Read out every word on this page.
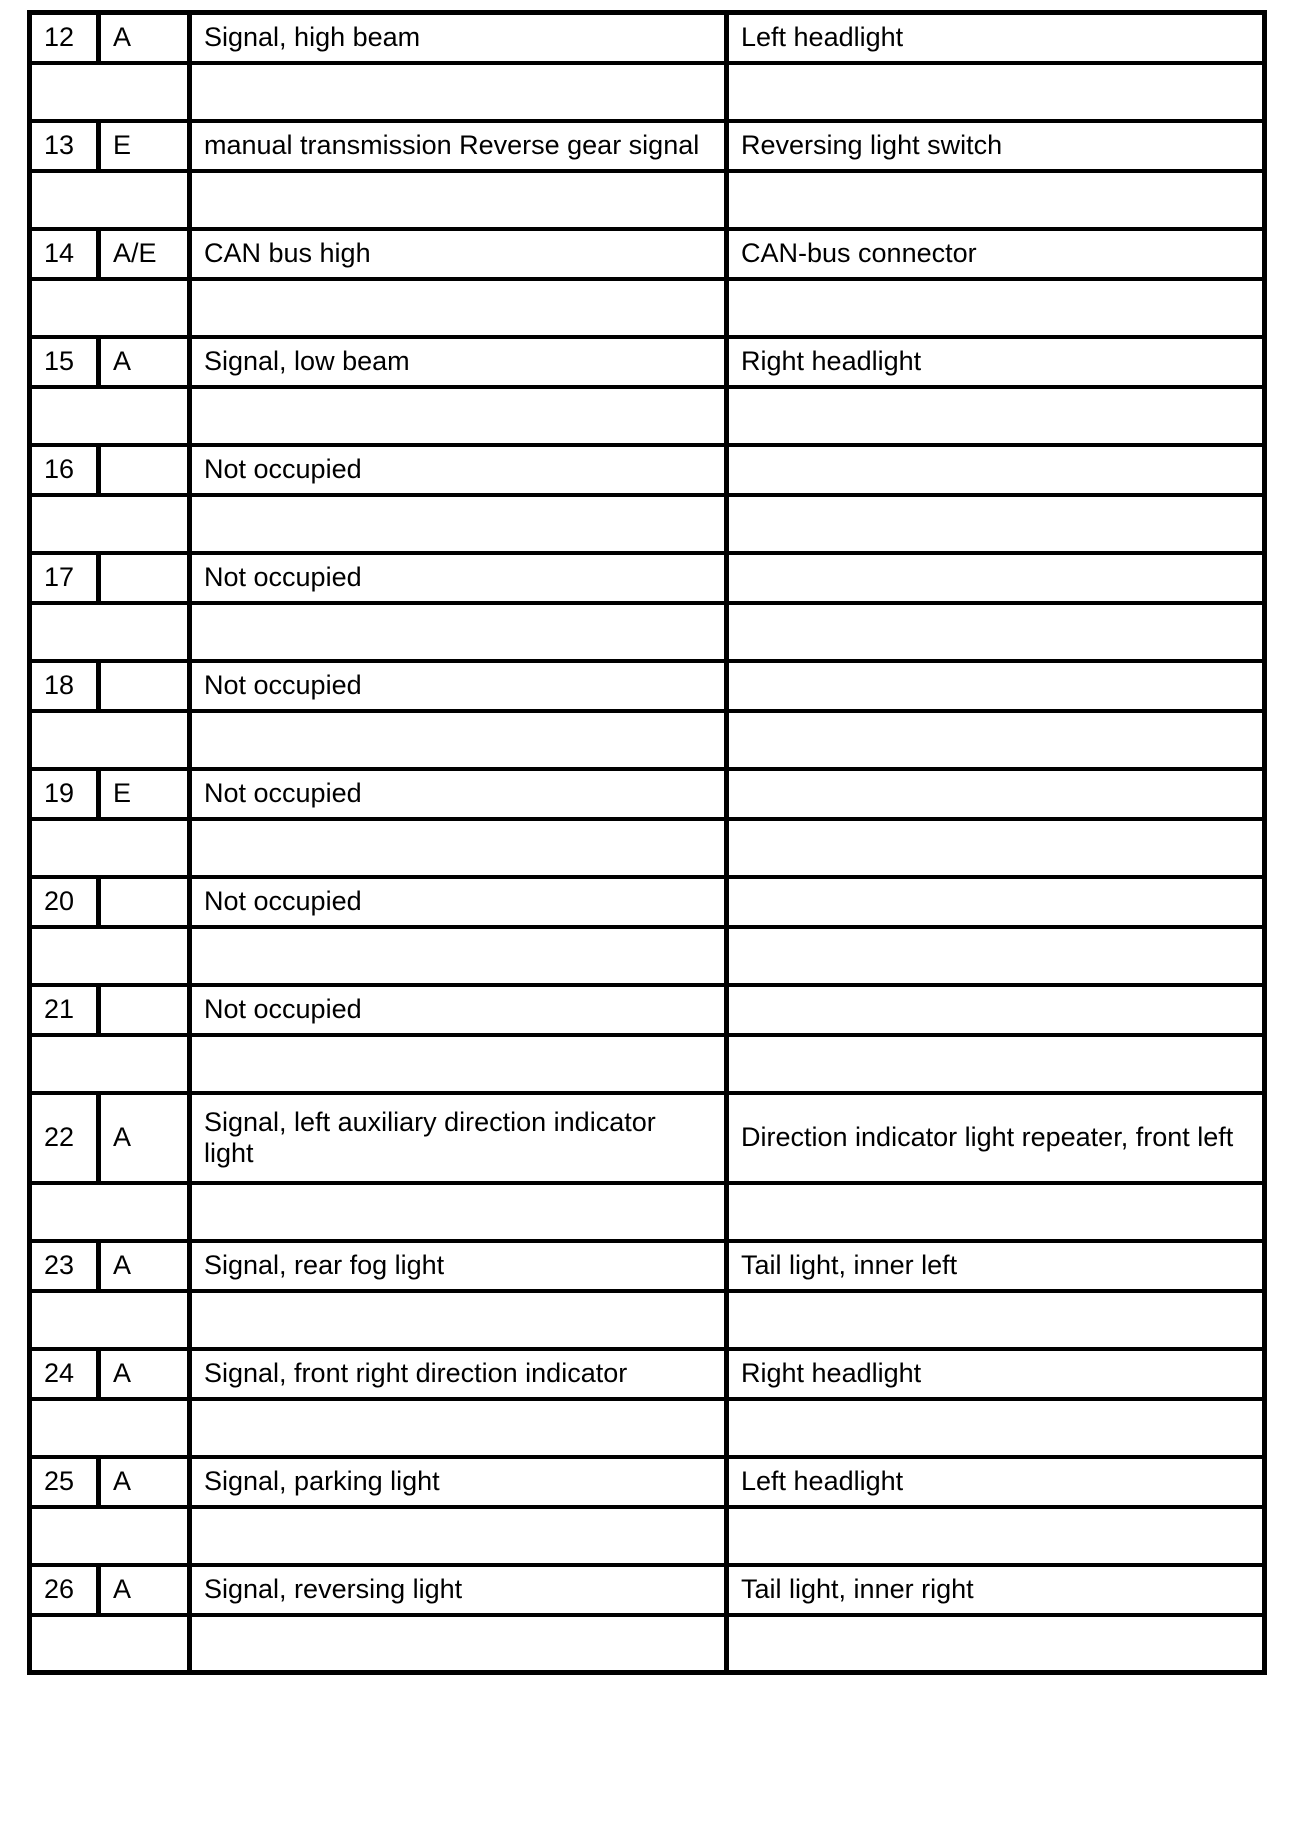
12	A	Signal, high beam	Left headlight

13	E	manual transmission Reverse gear signal	Reversing light switch

14	A/E	CAN bus high	CAN-bus connector

15	A	Signal, low beam	Right headlight

16		Not occupied	

17		Not occupied	

18		Not occupied	

19	E	Not occupied	

20		Not occupied	

21		Not occupied	

22	A	Signal, left auxiliary direction indicator light	Direction indicator light repeater, front left

23	A	Signal, rear fog light	Tail light, inner left

24	A	Signal, front right direction indicator	Right headlight

25	A	Signal, parking light	Left headlight

26	A	Signal, reversing light	Tail light, inner right
